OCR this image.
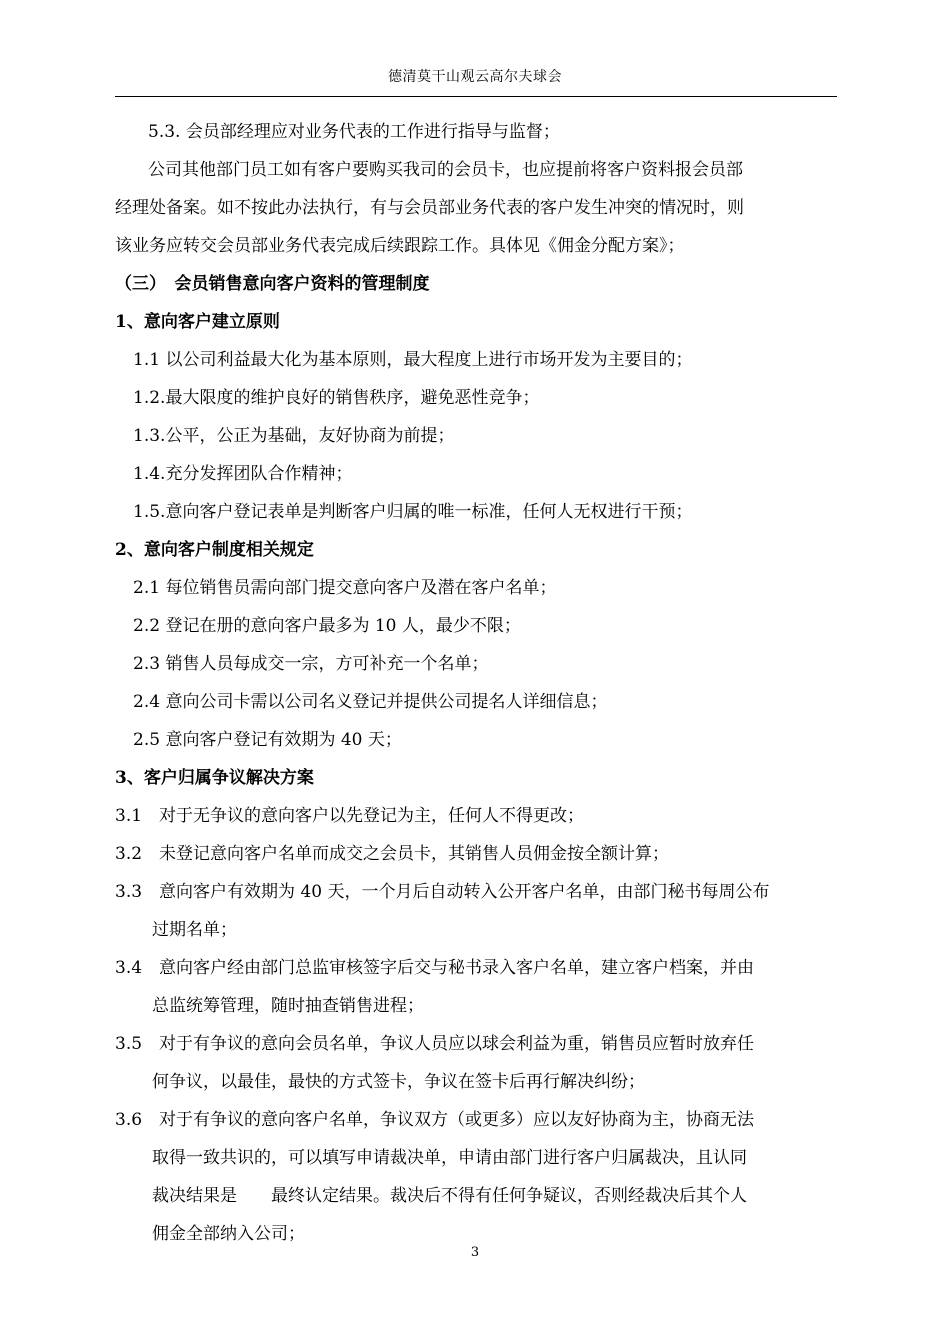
德清莫干山观云高尔夫球会
5.3. 会员部经理应对业务代表的工作进行指导与监督；
公司其他部门员工如有客户要购买我司的会员卡，也应提前将客户资料报会员部
经理处备案。如不按此办法执行，有与会员部业务代表的客户发生冲突的情况时，则
该业务应转交会员部业务代表完成后续跟踪工作。具体见《佣金分配方案》；
（三）　会员销售意向客户资料的管理制度
1、意向客户建立原则
1.1 以公司利益最大化为基本原则，最大程度上进行市场开发为主要目的；
1.2.最大限度的维护良好的销售秩序，避免恶性竞争；
1.3.公平，公正为基础，友好协商为前提；
1.4.充分发挥团队合作精神；
1.5.意向客户登记表单是判断客户归属的唯一标准，任何人无权进行干预；
2、意向客户制度相关规定
2.1 每位销售员需向部门提交意向客户及潜在客户名单；
2.2 登记在册的意向客户最多为 10 人，最少不限；
2.3 销售人员每成交一宗，方可补充一个名单；
2.4 意向公司卡需以公司名义登记并提供公司提名人详细信息；
2.5 意向客户登记有效期为 40 天；
3、客户归属争议解决方案
3.1　对于无争议的意向客户以先登记为主，任何人不得更改；
3.2　未登记意向客户名单而成交之会员卡，其销售人员佣金按全额计算；
3.3　意向客户有效期为 40 天，一个月后自动转入公开客户名单，由部门秘书每周公布
过期名单；
3.4　意向客户经由部门总监审核签字后交与秘书录入客户名单，建立客户档案，并由
总监统筹管理，随时抽查销售进程；
3.5　对于有争议的意向会员名单，争议人员应以球会利益为重，销售员应暂时放弃任
何争议，以最佳，最快的方式签卡，争议在签卡后再行解决纠纷；
3.6　对于有争议的意向客户名单，争议双方（或更多）应以友好协商为主，协商无法
取得一致共识的，可以填写申请裁决单，申请由部门进行客户归属裁决，且认同
裁决结果是　　最终认定结果。裁决后不得有任何争疑议，否则经裁决后其个人
佣金全部纳入公司；
3
